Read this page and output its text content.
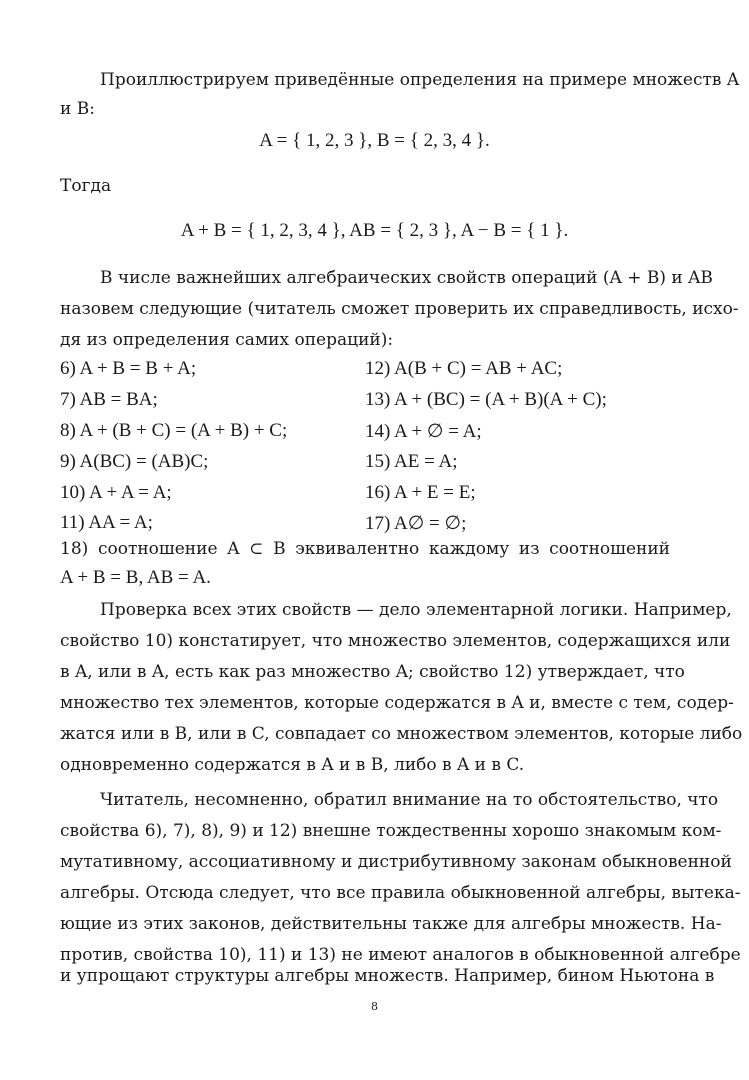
Проиллюстрируем приведённые определения на примере множеств A
и B:
A = { 1, 2, 3 }, B = { 2, 3, 4 }.
Тогда
A + B = { 1, 2, 3, 4 }, AB = { 2, 3 }, A − B = { 1 }.
В числе важнейших алгебраических свойств операций (A + B) и AB
назовем следующие (читатель сможет проверить их справедливость, исхо-
дя из определения самих операций):
6) A + B = B + A;
7) AB = BA;
8) A + (B + C) = (A + B) + C;
9) A(BC) = (AB)C;
10) A + A = A;
11) AA = A;
12) A(B + C) = AB + AC;
13) A + (BC) = (A + B)(A + C);
14) A + ∅ = A;
15) AE = A;
16) A + E = E;
17) A∅ = ∅;
18) соотношение A ⊂ B эквивалентно каждому из соотношений
A + B = B, AB = A.
Проверка всех этих свойств — дело элементарной логики. Например,
свойство 10) констатирует, что множество элементов, содержащихся или
в A, или в A, есть как раз множество A; свойство 12) утверждает, что
множество тех элементов, которые содержатся в A и, вместе с тем, содер-
жатся или в B, или в C, совпадает со множеством элементов, которые либо
одновременно содержатся в A и в B, либо в A и в C.
Читатель, несомненно, обратил внимание на то обстоятельство, что
свойства 6), 7), 8), 9) и 12) внешне тождественны хорошо знакомым ком-
мутативному, ассоциативному и дистрибутивному законам обыкновенной
алгебры. Отсюда следует, что все правила обыкновенной алгебры, вытека-
ющие из этих законов, действительны также для алгебры множеств. На-
против, свойства 10), 11) и 13) не имеют аналогов в обыкновенной алгебре
и упрощают структуры алгебры множеств. Например, бином Ньютона в
8
